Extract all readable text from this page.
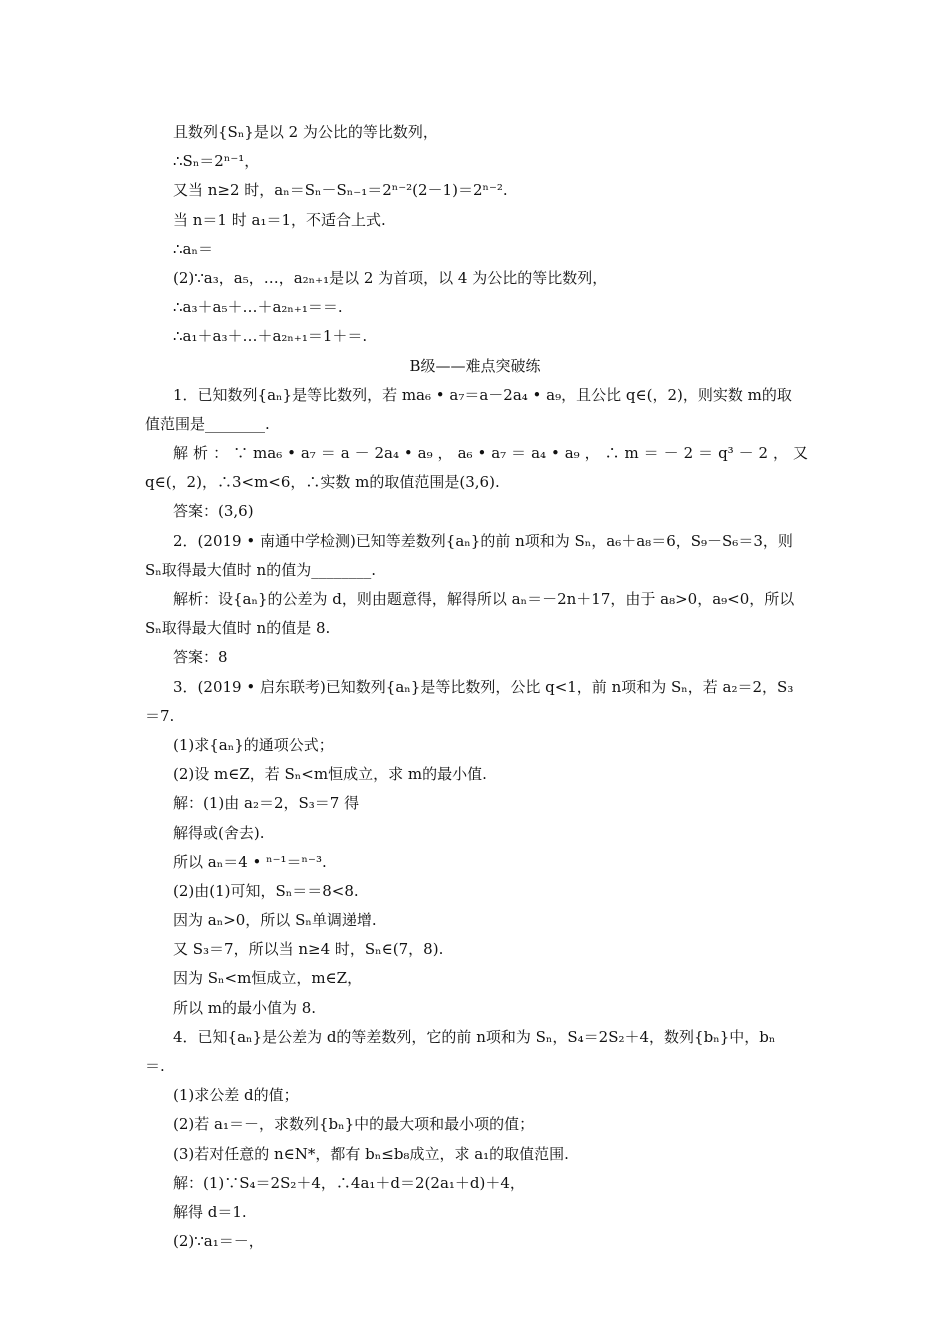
且数列{Sₙ}是以 2 为公比的等比数列，
∴Sₙ＝2ⁿ⁻¹，
又当 n≥2 时，aₙ＝Sₙ－Sₙ₋₁＝2ⁿ⁻²(2－1)＝2ⁿ⁻².
当 n＝1 时 a₁＝1，不适合上式.
∴aₙ＝
(2)∵a₃，a₅，…，a₂ₙ₊₁是以 2 为首项，以 4 为公比的等比数列，
∴a₃＋a₅＋…＋a₂ₙ₊₁＝＝.
∴a₁＋a₃＋…＋a₂ₙ₊₁＝1＋＝.
B级——难点突破练
1．已知数列{aₙ}是等比数列，若 ma₆ • a₇＝a－2a₄ • a₉，且公比 q∈(，2)，则实数 m的取
值范围是________.
解 析 ： ∵ ma₆ • a₇ ＝ a － 2a₄ • a₉ ， a₆ • a₇ ＝ a₄ • a₉ ， ∴ m ＝ － 2 ＝ q³ － 2 ， 又
q∈(，2)，∴3<m<6，∴实数 m的取值范围是(3,6).
答案：(3,6)
2．(2019 • 南通中学检测)已知等差数列{aₙ}的前 n项和为 Sₙ，a₆＋a₈＝6，S₉－S₆＝3，则
Sₙ取得最大值时 n的值为________.
解析：设{aₙ}的公差为 d，则由题意得，解得所以 aₙ＝－2n＋17，由于 a₈>0，a₉<0，所以
Sₙ取得最大值时 n的值是 8.
答案：8
3．(2019 • 启东联考)已知数列{aₙ}是等比数列，公比 q<1，前 n项和为 Sₙ，若 a₂＝2，S₃
＝7.
(1)求{aₙ}的通项公式；
(2)设 m∈Z，若 Sₙ<m恒成立，求 m的最小值.
解：(1)由 a₂＝2，S₃＝7 得
解得或(舍去).
所以 aₙ＝4 • ⁿ⁻¹＝ⁿ⁻³.
(2)由(1)可知，Sₙ＝＝8<8.
因为 aₙ>0，所以 Sₙ单调递增.
又 S₃＝7，所以当 n≥4 时，Sₙ∈(7，8).
因为 Sₙ<m恒成立，m∈Z，
所以 m的最小值为 8.
4．已知{aₙ}是公差为 d的等差数列，它的前 n项和为 Sₙ，S₄＝2S₂＋4，数列{bₙ}中，bₙ
＝.
(1)求公差 d的值；
(2)若 a₁＝－，求数列{bₙ}中的最大项和最小项的值；
(3)若对任意的 n∈N*，都有 bₙ≤b₈成立，求 a₁的取值范围.
解：(1)∵S₄＝2S₂＋4，∴4a₁＋d＝2(2a₁＋d)＋4，
解得 d＝1.
(2)∵a₁＝－，
